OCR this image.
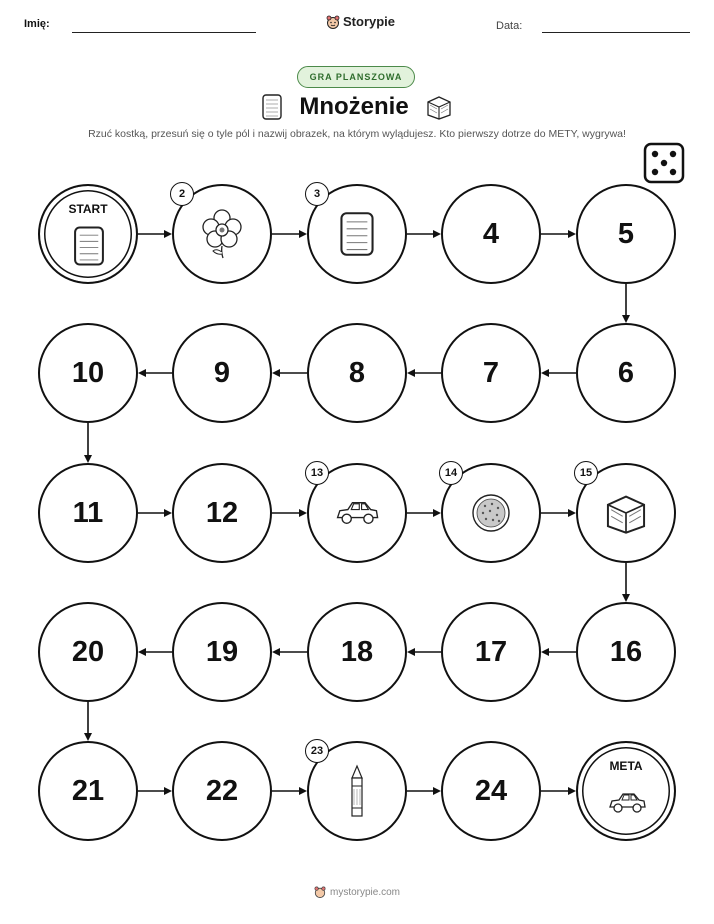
Imię:	Storypie	Data:
GRA PLANSZOWA
Mnożenie
Rzuć kostką, przesuń się o tyle pól i nazwij obrazek, na którym wylądujesz. Kto pierwszy dotrze do METY, wygrywa!
START
META
2	3
4	5
6
7
8
9
10
11	12
13	14	15
16
17
18
19
20
21	22
23
24
mystorypie.com
